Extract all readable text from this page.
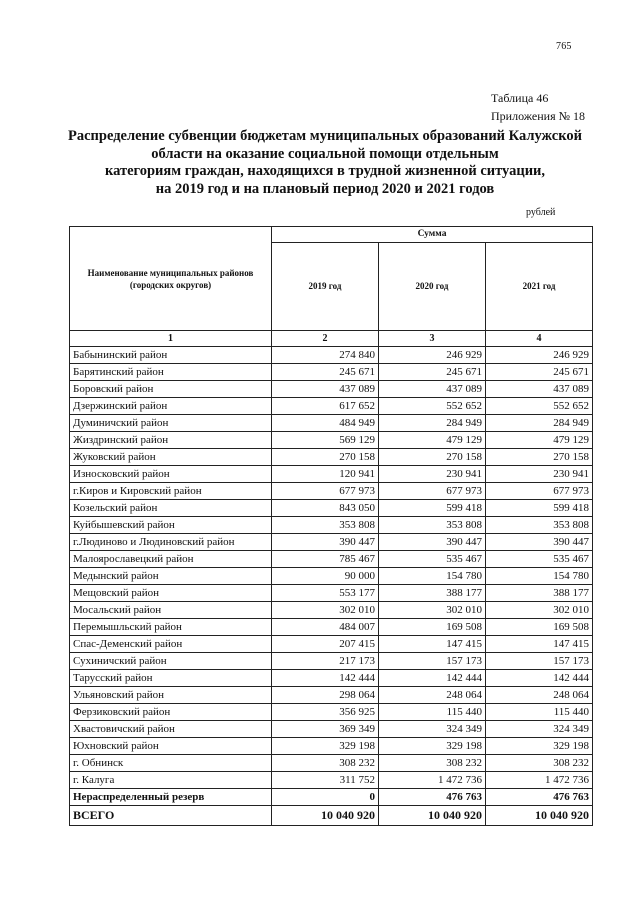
765
Таблица 46
Приложения № 18
Распределение субвенции бюджетам муниципальных образований Калужской
области на оказание социальной помощи отдельным
категориям граждан, находящихся в трудной жизненной ситуации,
на 2019 год и на плановый период 2020 и 2021 годов
рублей
Наименование муниципальных районов (городских округов)	Сумма		
	2019 год	2020 год	2021 год
1	2	3	4
Бабынинский район	274 840	246 929	246 929
Барятинский район	245 671	245 671	245 671
Боровский район	437 089	437 089	437 089
Дзержинский район	617 652	552 652	552 652
Думиничский район	484 949	284 949	284 949
Жиздринский район	569 129	479 129	479 129
Жуковский район	270 158	270 158	270 158
Износковский район	120 941	230 941	230 941
г.Киров и Кировский район	677 973	677 973	677 973
Козельский район	843 050	599 418	599 418
Куйбышевский район	353 808	353 808	353 808
г.Людиново и Людиновский район	390 447	390 447	390 447
Малоярославецкий район	785 467	535 467	535 467
Медынский район	90 000	154 780	154 780
Мещовский район	553 177	388 177	388 177
Мосальский район	302 010	302 010	302 010
Перемышльский район	484 007	169 508	169 508
Спас-Деменский район	207 415	147 415	147 415
Сухиничский район	217 173	157 173	157 173
Тарусский район	142 444	142 444	142 444
Ульяновский район	298 064	248 064	248 064
Ферзиковский район	356 925	115 440	115 440
Хвастовичский район	369 349	324 349	324 349
Юхновский район	329 198	329 198	329 198
г. Обнинск	308 232	308 232	308 232
г. Калуга	311 752	1 472 736	1 472 736
Нераспределенный резерв	0	476 763	476 763
ВСЕГО	10 040 920	10 040 920	10 040 920
